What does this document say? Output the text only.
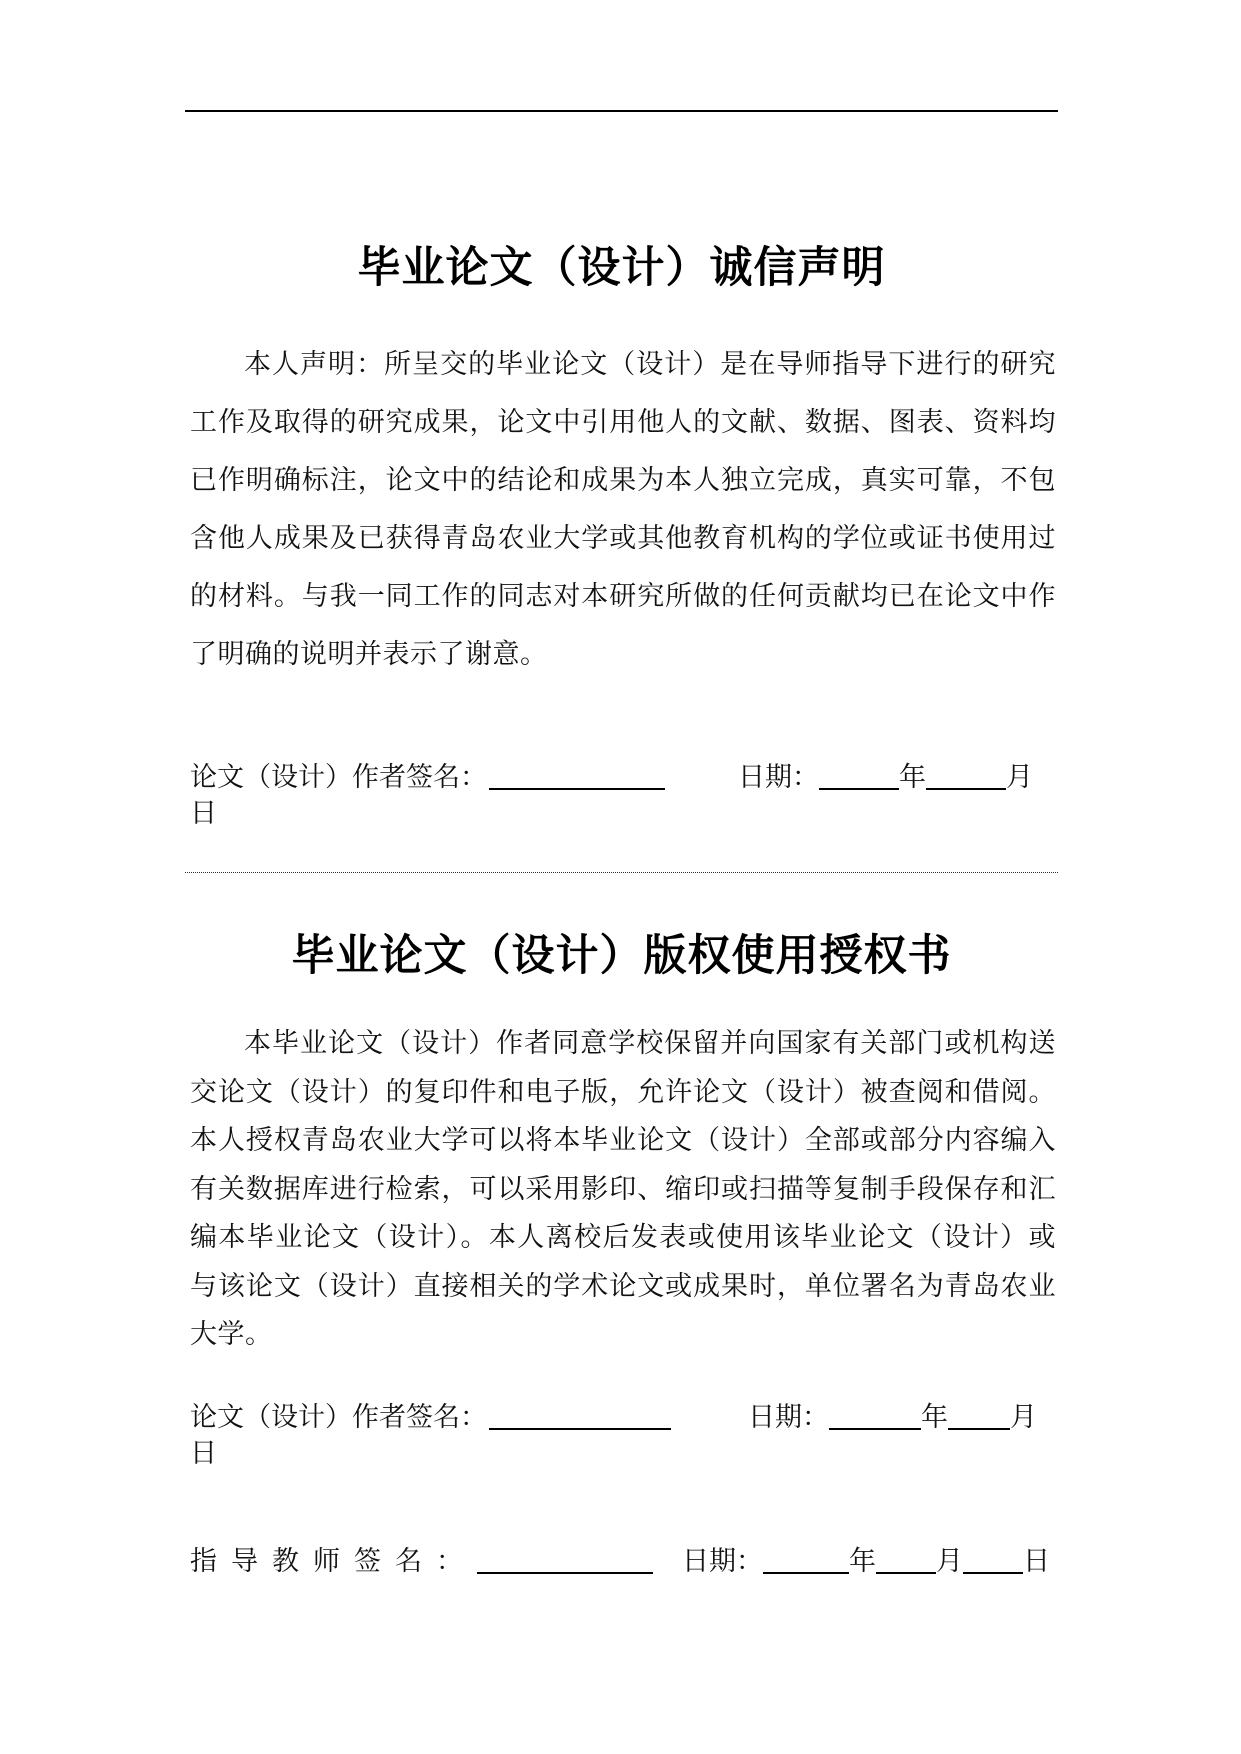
毕业论文（设计）诚信声明
本人声明：所呈交的毕业论文（设计）是在导师指导下进行的研究工作及取得的研究成果，论文中引用他人的文献、数据、图表、资料均已作明确标注，论文中的结论和成果为本人独立完成，真实可靠，不包含他人成果及已获得青岛农业大学或其他教育机构的学位或证书使用过的材料。与我一同工作的同志对本研究所做的任何贡献均已在论文中作了明确的说明并表示了谢意。
论文（设计）作者签名：	日期：	年	月
日
毕业论文（设计）版权使用授权书
本毕业论文（设计）作者同意学校保留并向国家有关部门或机构送交论文（设计）的复印件和电子版，允许论文（设计）被查阅和借阅。本人授权青岛农业大学可以将本毕业论文（设计）全部或部分内容编入有关数据库进行检索，可以采用影印、缩印或扫描等复制手段保存和汇编本毕业论文（设计）。本人离校后发表或使用该毕业论文（设计）或与该论文（设计）直接相关的学术论文或成果时，单位署名为青岛农业大学。
论文（设计）作者签名：	日期：	年 月
日
指导教师签名：	日期：	年 月 日
